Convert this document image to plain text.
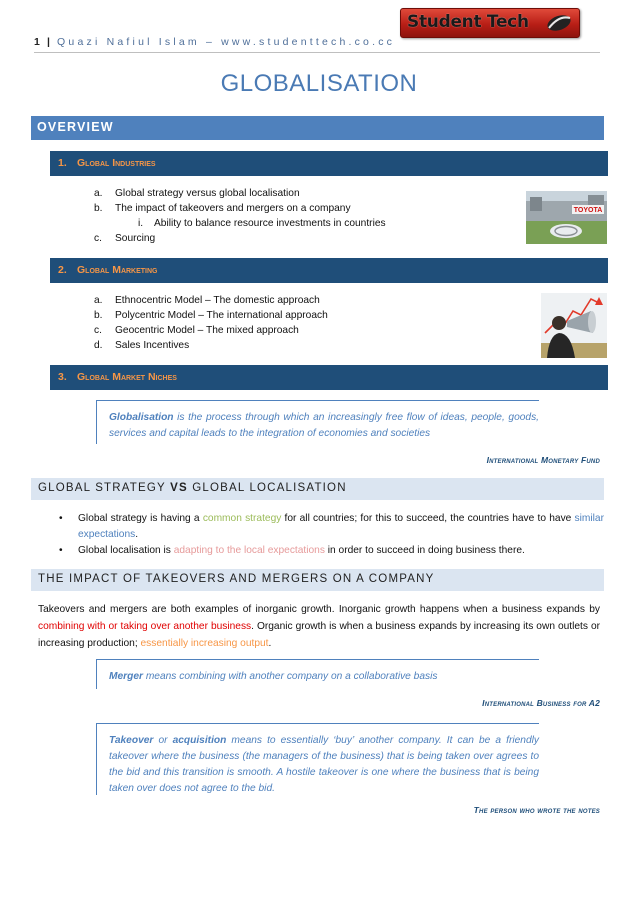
1 | Quazi Nafiul Islam – www.studenttech.co.cc
Student Tech
GLOBALISATION
OVERVIEW
1. Global Industries
a. Global strategy versus global localisation
b. The impact of takeovers and mergers on a company
i. Ability to balance resource investments in countries
c. Sourcing
TOYOTA
2. Global Marketing
a. Ethnocentric Model – The domestic approach
b. Polycentric Model – The international approach
c. Geocentric Model – The mixed approach
d. Sales Incentives
3. Global Market Niches
Globalisation is the process through which an increasingly free flow of ideas, people, goods, services and capital leads to the integration of economies and societies
International Monetary Fund
GLOBAL STRATEGY VS GLOBAL LOCALISATION
• Global strategy is having a common strategy for all countries; for this to succeed, the countries have to have similar expectations.
• Global localisation is adapting to the local expectations in order to succeed in doing business there.
THE IMPACT OF TAKEOVERS AND MERGERS ON A COMPANY
Takeovers and mergers are both examples of inorganic growth. Inorganic growth happens when a business expands by combining with or taking over another business. Organic growth is when a business expands by increasing its own outlets or increasing production; essentially increasing output.
Merger means combining with another company on a collaborative basis
International Business for A2
Takeover or acquisition means to essentially ‘buy’ another company. It can be a friendly takeover where the business (the managers of the business) that is being taken over agrees to the bid and this transition is smooth. A hostile takeover is one where the business that is being taken over does not agree to the bid.
The person who wrote the notes
